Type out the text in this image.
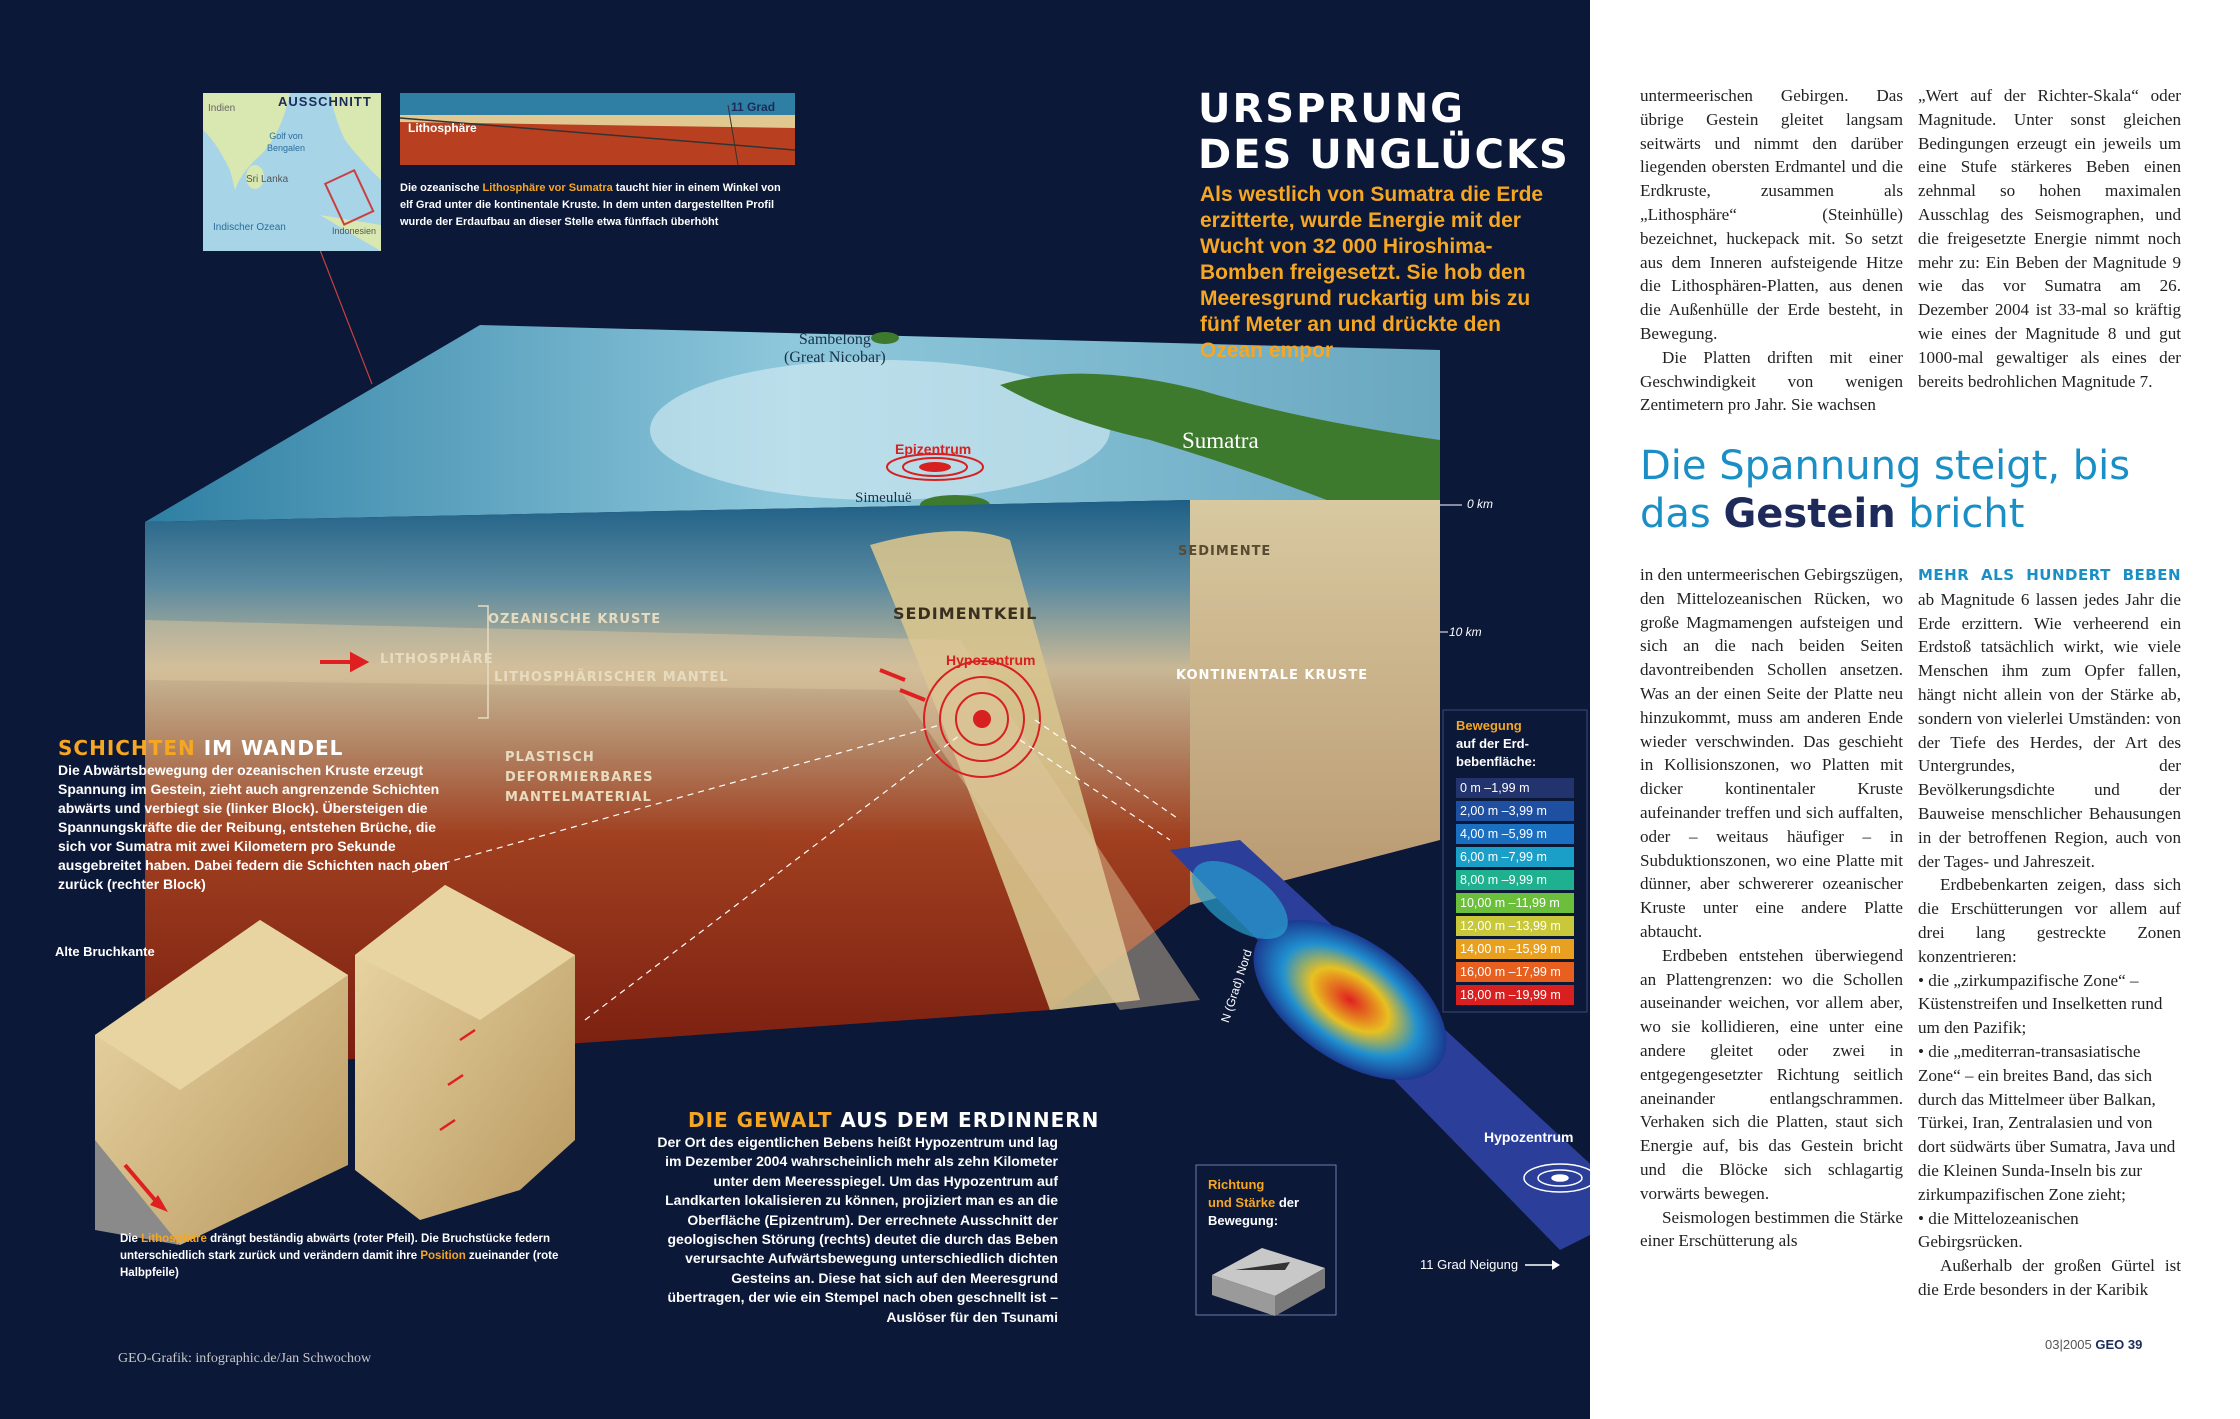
URSPRUNG
DES UNGLÜCKS

Als westlich von Sumatra die Erde erzitterte, wurde Energie mit der Wucht von 32 000 Hiroshima-Bomben freigesetzt. Sie hob den Meeresgrund ruckartig um bis zu fünf Meter an und drückte den Ozean empor

AUSSCHNITT
Indien
Golf von Bengalen
Sri Lanka
Indischer Ozean	Indonesien
Lithosphäre
11 Grad

Die ozeanische Lithosphäre vor Sumatra taucht hier in einem Winkel von elf Grad unter die kontinentale Kruste. In dem unten dargestellten Profil wurde der Erdaufbau an dieser Stelle etwa fünffach überhöht

Sambelong
(Great Nicobar)
Epizentrum	Sumatra
Simeuluë	0 km
10 km
SEDIMENTE
SEDIMENTKEIL
OZEANISCHE KRUSTE
LITHOSPHÄRE
LITHOSPHÄRISCHER MANTEL
Hypozentrum
KONTINENTALE KRUSTE
PLASTISCH
DEFORMIERBARES
MANTELMATERIAL
Bewegung
auf der Erd-
bebenfläche:
0 m –1,99 m
2,00 m –3,99 m
4,00 m –5,99 m
6,00 m –7,99 m
8,00 m –9,99 m
10,00 m –11,99 m
12,00 m –13,99 m
14,00 m –15,99 m
16,00 m –17,99 m
18,00 m –19,99 m
SCHICHTEN IM WANDEL

Die Abwärtsbewegung der ozeanischen Kruste erzeugt Spannung im Gestein, zieht auch angrenzende Schichten abwärts und verbiegt sie (linker Block). Übersteigen die Spannungskräfte die der Reibung, entstehen Brüche, die sich vor Sumatra mit zwei Kilometern pro Sekunde ausgebreitet haben. Dabei federn die Schichten nach oben zurück (rechter Block)

Alte Bruchkante

Die Lithosphäre drängt beständig abwärts (roter Pfeil). Die Bruchstücke federn unterschiedlich stark zurück und verändern damit ihre Position zueinander (rote Halbpfeile)

DIE GEWALT AUS DEM ERDINNERN

Der Ort des eigentlichen Bebens heißt Hypozentrum und lag im Dezember 2004 wahrscheinlich mehr als zehn Kilometer unter dem Meeresspiegel. Um das Hypozentrum auf Landkarten lokalisieren zu können, projiziert man es an die Oberfläche (Epizentrum). Der errechnete Ausschnitt der geologischen Störung (rechts) deutet die durch das Beben verursachte Aufwärtsbewegung unterschiedlich dichten Gesteins an. Diese hat sich auf den Meeresgrund übertragen, der wie ein Stempel nach oben geschnellt ist – Auslöser für den Tsunami

N (Grad) Nord
Hypozentrum
11 Grad Neigung
Richtung
und Stärke der
Bewegung:
GEO-Grafik: infographic.de/Jan Schwochow

untermeerischen Gebirgen. Das übrige Gestein gleitet langsam seitwärts und nimmt den darüber liegenden obersten Erdmantel und die Erdkruste, zusammen als „Lithosphäre“ (Steinhülle) bezeichnet, huckepack mit. So setzt aus dem Inneren aufsteigende Hitze die Lithosphären-Platten, aus denen die Außenhülle der Erde besteht, in Bewegung.

Die Platten driften mit einer Geschwindigkeit von wenigen Zentimetern pro Jahr. Sie wachsen

„Wert auf der Richter-Skala“ oder Magnitude. Unter sonst gleichen Bedingungen erzeugt ein jeweils um eine Stufe stärkeres Beben einen zehnmal so hohen maximalen Ausschlag des Seismographen, und die freigesetzte Energie nimmt noch mehr zu: Ein Beben der Magnitude 9 wie das vor Sumatra am 26. Dezember 2004 ist 33-mal so kräftig wie eines der Magnitude 8 und gut 1000-mal gewaltiger als eines der bereits bedrohlichen Magnitude 7.

Die Spannung steigt, bis
das Gestein bricht

in den untermeerischen Gebirgszügen, den Mittelozeanischen Rücken, wo große Magmamengen aufsteigen und sich an die nach beiden Seiten davontreibenden Schollen ansetzen. Was an der einen Seite der Platte neu hinzukommt, muss am anderen Ende wieder verschwinden. Das geschieht in Kollisionszonen, wo Platten mit dicker kontinentaler Kruste aufeinander treffen und sich auffalten, oder – weitaus häufiger – in Subduktionszonen, wo eine Platte mit dünner, aber schwererer ozeanischer Kruste unter eine andere Platte abtaucht.

Erdbeben entstehen überwiegend an Plattengrenzen: wo die Schollen auseinander weichen, vor allem aber, wo sie kollidieren, eine unter eine andere gleitet oder zwei in entgegengesetzter Richtung seitlich aneinander entlangschrammen. Verhaken sich die Platten, staut sich Energie auf, bis das Gestein bricht und die Blöcke sich schlagartig vorwärts bewegen.

Seismologen bestimmen die Stärke einer Erschütterung als

MEHR ALS HUNDERT BEBEN ab Magnitude 6 lassen jedes Jahr die Erde erzittern. Wie verheerend ein Erdstoß tatsächlich wirkt, wie viele Menschen ihm zum Opfer fallen, hängt nicht allein von der Stärke ab, sondern von vielerlei Umständen: von der Tiefe des Herdes, der Art des Untergrundes, der Bevölkerungsdichte und der Bauweise menschlicher Behausungen in der betroffenen Region, auch von der Tages- und Jahreszeit.

Erdbebenkarten zeigen, dass sich die Erschütterungen vor allem auf drei lang gestreckte Zonen konzentrieren:

• die „zirkumpazifische Zone“ – Küstenstreifen und Inselketten rund um den Pazifik;
• die „mediterran-transasiatische Zone“ – ein breites Band, das sich durch das Mittelmeer über Balkan, Türkei, Iran, Zentralasien und von dort südwärts über Sumatra, Java und die Kleinen Sunda-Inseln bis zur zirkumpazifischen Zone zieht;
• die Mittelozeanischen Gebirgsrücken.

Außerhalb der großen Gürtel ist die Erde besonders in der Karibik

03|2005 GEO 39
